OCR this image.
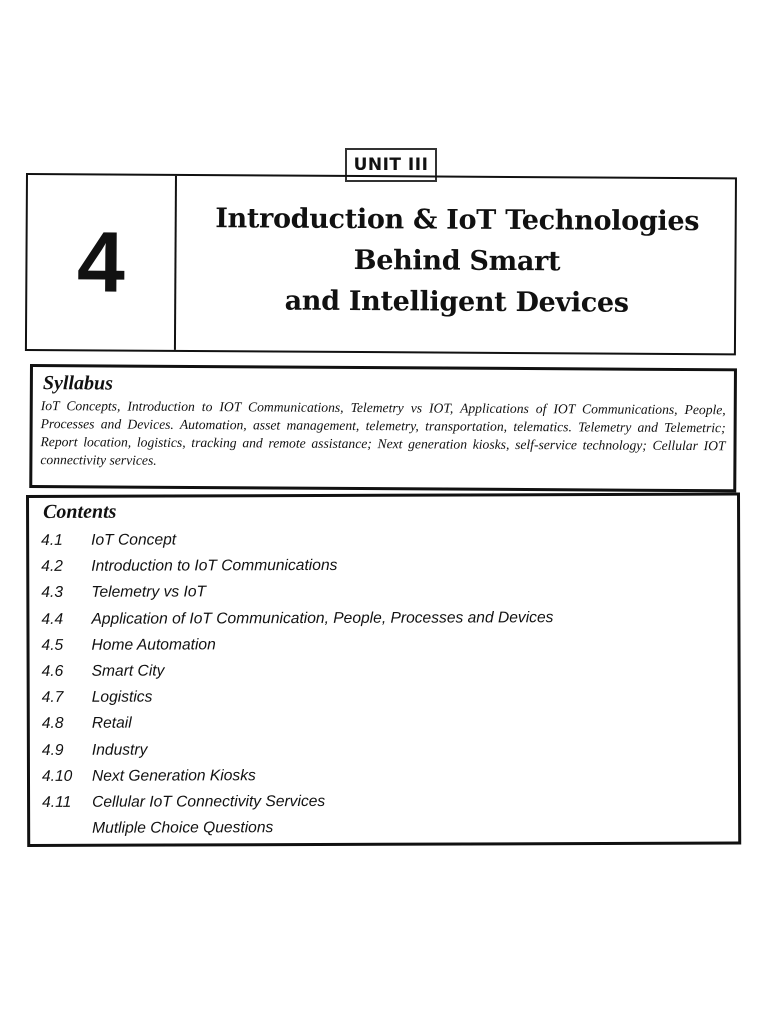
UNIT III
4	Introduction & IoT Technologies
Behind Smart
and Intelligent Devices
Syllabus
IoT Concepts, Introduction to IOT Communications, Telemetry vs IOT, Applications of IOT Communications, People, Processes and Devices. Automation, asset management, telemetry, transportation, telematics. Telemetry and Telemetric; Report location, logistics, tracking and remote assistance; Next generation kiosks, self-service technology; Cellular IOT connectivity services.
Contents
4.1	IoT Concept
4.2	Introduction to IoT Communications
4.3	Telemetry vs IoT
4.4	Application of IoT Communication, People, Processes and Devices
4.5	Home Automation
4.6	Smart City
4.7	Logistics
4.8	Retail
4.9	Industry
4.10	Next Generation Kiosks
4.11	Cellular IoT Connectivity Services
Mutliple Choice Questions
